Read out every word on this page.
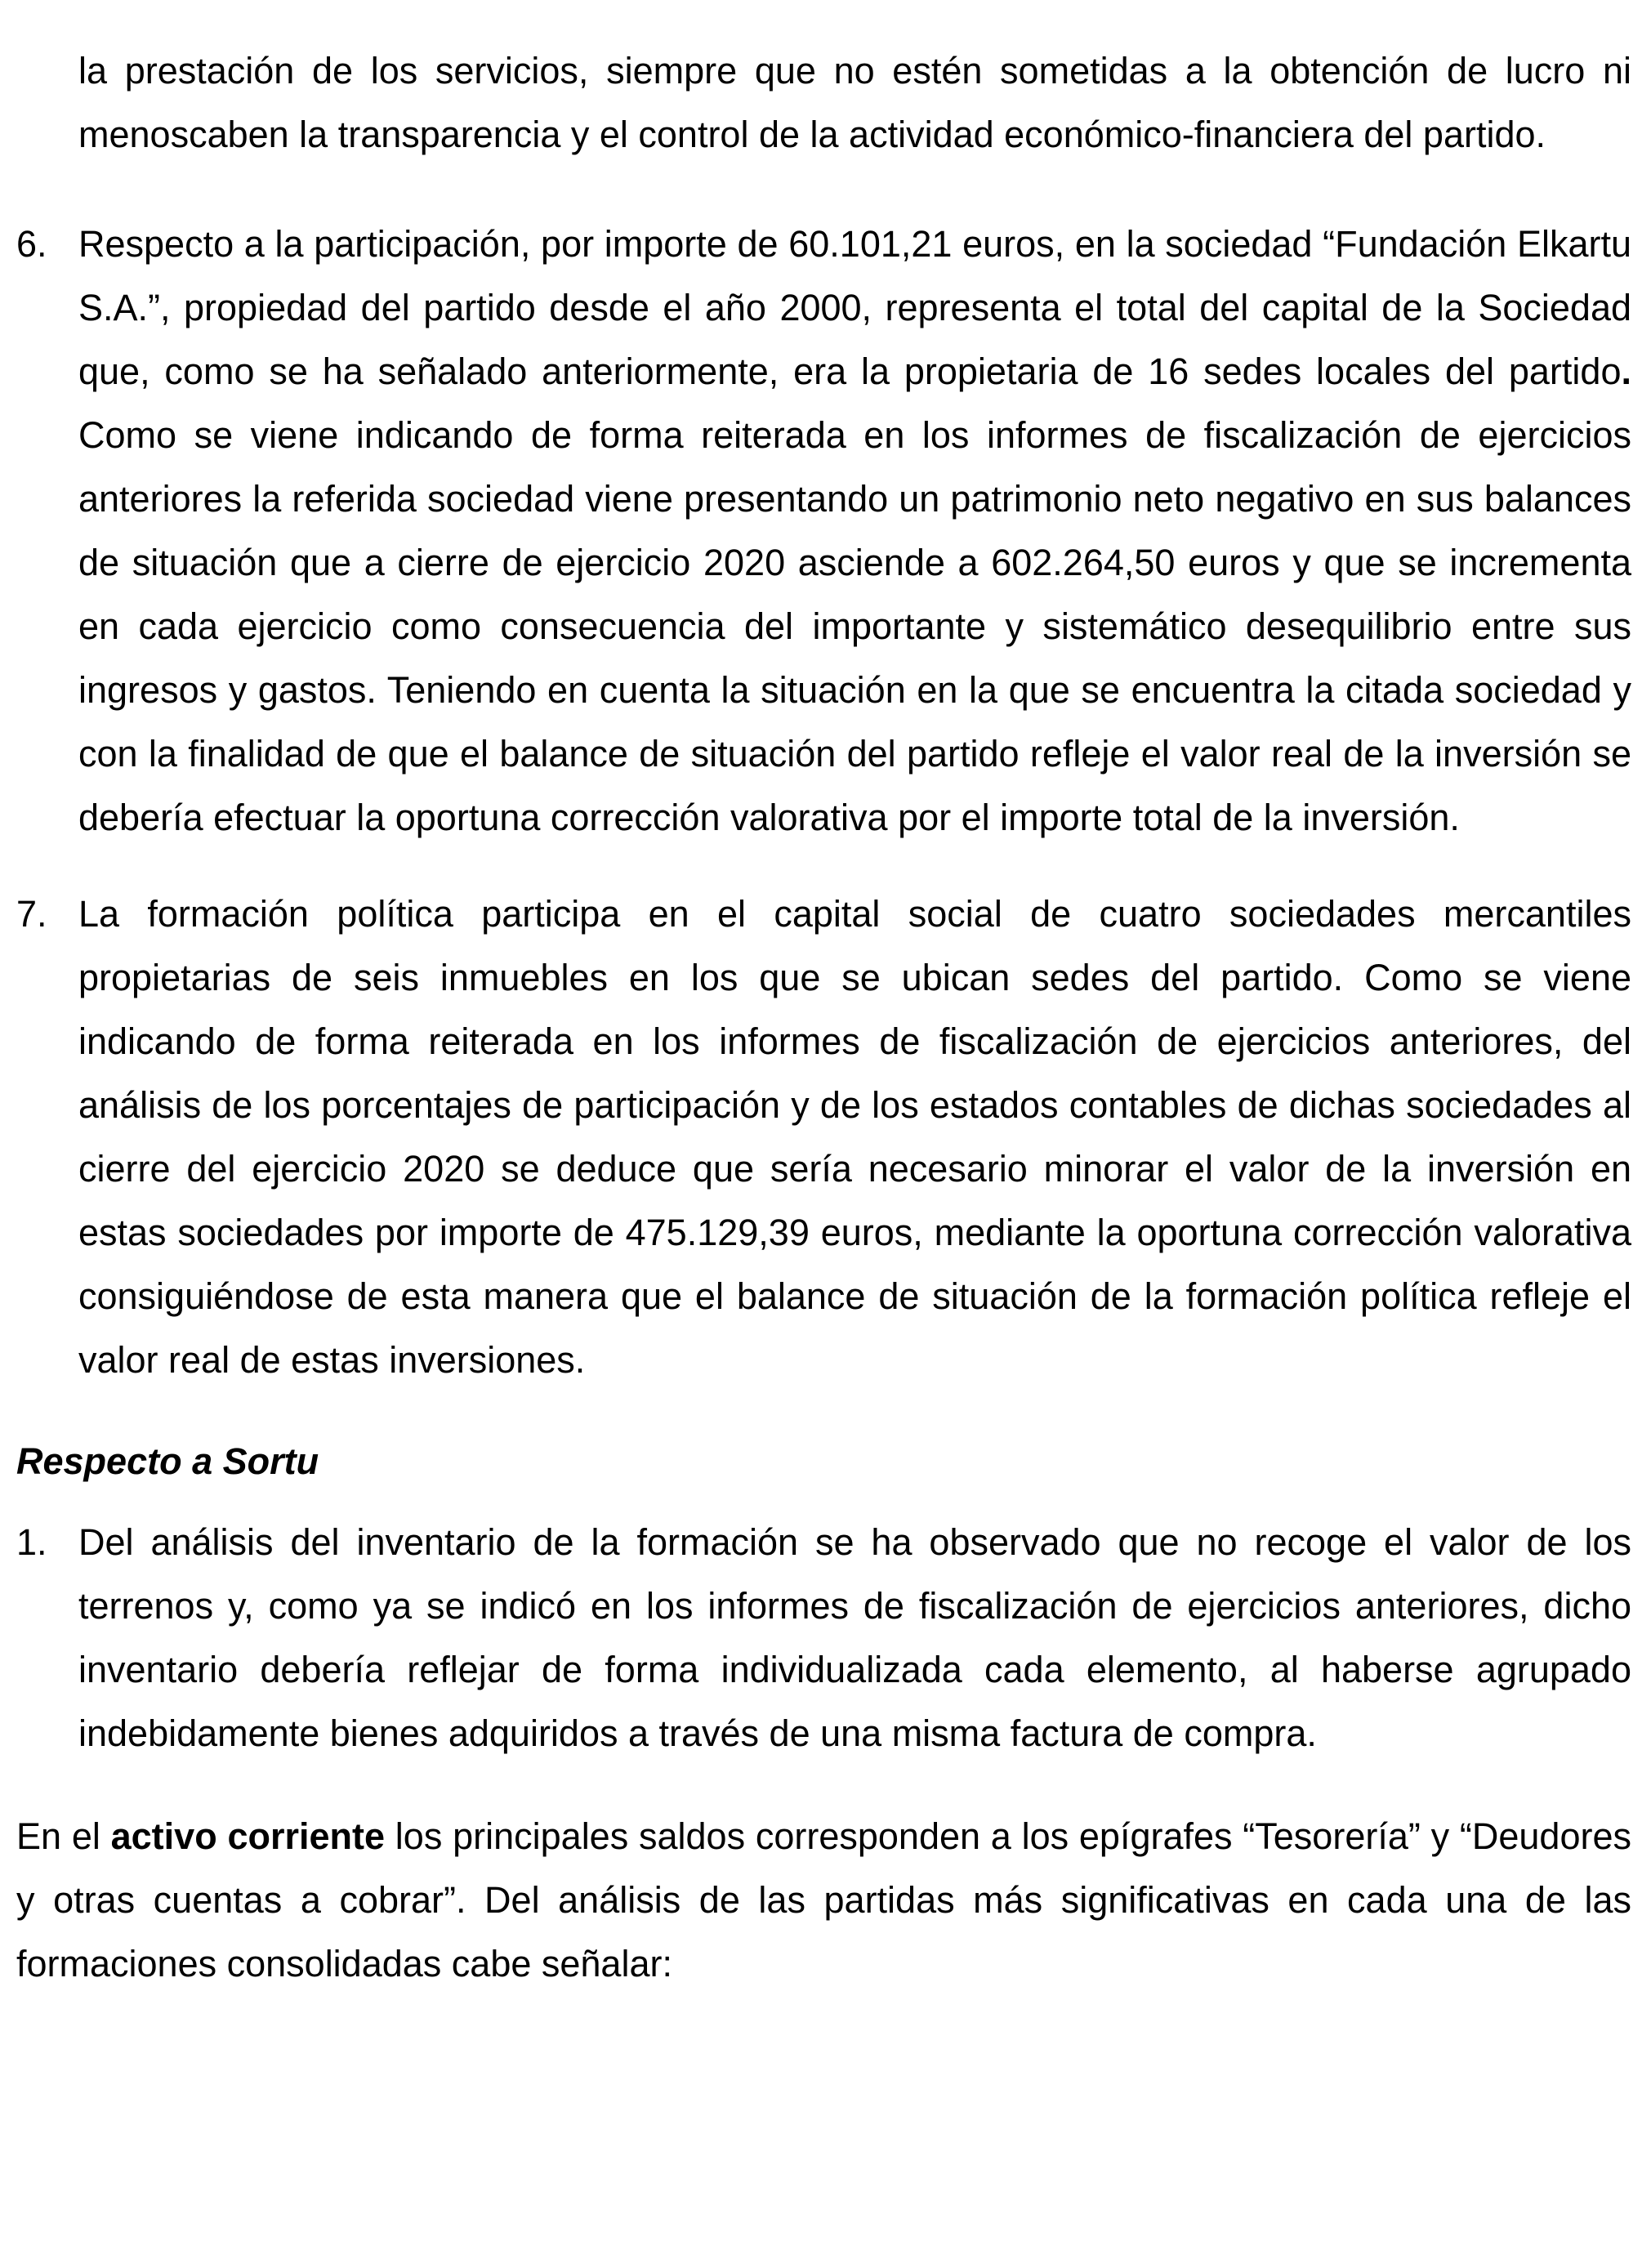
la prestación de los servicios, siempre que no estén sometidas a la obtención de lucro ni menoscaben la transparencia y el control de la actividad económico-financiera del partido.

6. Respecto a la participación, por importe de 60.101,21 euros, en la sociedad “Fundación Elkartu S.A.”, propiedad del partido desde el año 2000, representa el total del capital de la Sociedad que, como se ha señalado anteriormente, era la propietaria de 16 sedes locales del partido. Como se viene indicando de forma reiterada en los informes de fiscalización de ejercicios anteriores la referida sociedad viene presentando un patrimonio neto negativo en sus balances de situación que a cierre de ejercicio 2020 asciende a 602.264,50 euros y que se incrementa en cada ejercicio como consecuencia del importante y sistemático desequilibrio entre sus ingresos y gastos. Teniendo en cuenta la situación en la que se encuentra la citada sociedad y con la finalidad de que el balance de situación del partido refleje el valor real de la inversión se debería efectuar la oportuna corrección valorativa por el importe total de la inversión.

7. La formación política participa en el capital social de cuatro sociedades mercantiles propietarias de seis inmuebles en los que se ubican sedes del partido. Como se viene indicando de forma reiterada en los informes de fiscalización de ejercicios anteriores, del análisis de los porcentajes de participación y de los estados contables de dichas sociedades al cierre del ejercicio 2020 se deduce que sería necesario minorar el valor de la inversión en estas sociedades por importe de 475.129,39 euros, mediante la oportuna corrección valorativa consiguiéndose de esta manera que el balance de situación de la formación política refleje el valor real de estas inversiones.

Respecto a Sortu
1. Del análisis del inventario de la formación se ha observado que no recoge el valor de los terrenos y, como ya se indicó en los informes de fiscalización de ejercicios anteriores, dicho inventario debería reflejar de forma individualizada cada elemento, al haberse agrupado indebidamente bienes adquiridos a través de una misma factura de compra.

En el activo corriente los principales saldos corresponden a los epígrafes “Tesorería” y “Deudores y otras cuentas a cobrar”. Del análisis de las partidas más significativas en cada una de las formaciones consolidadas cabe señalar:
